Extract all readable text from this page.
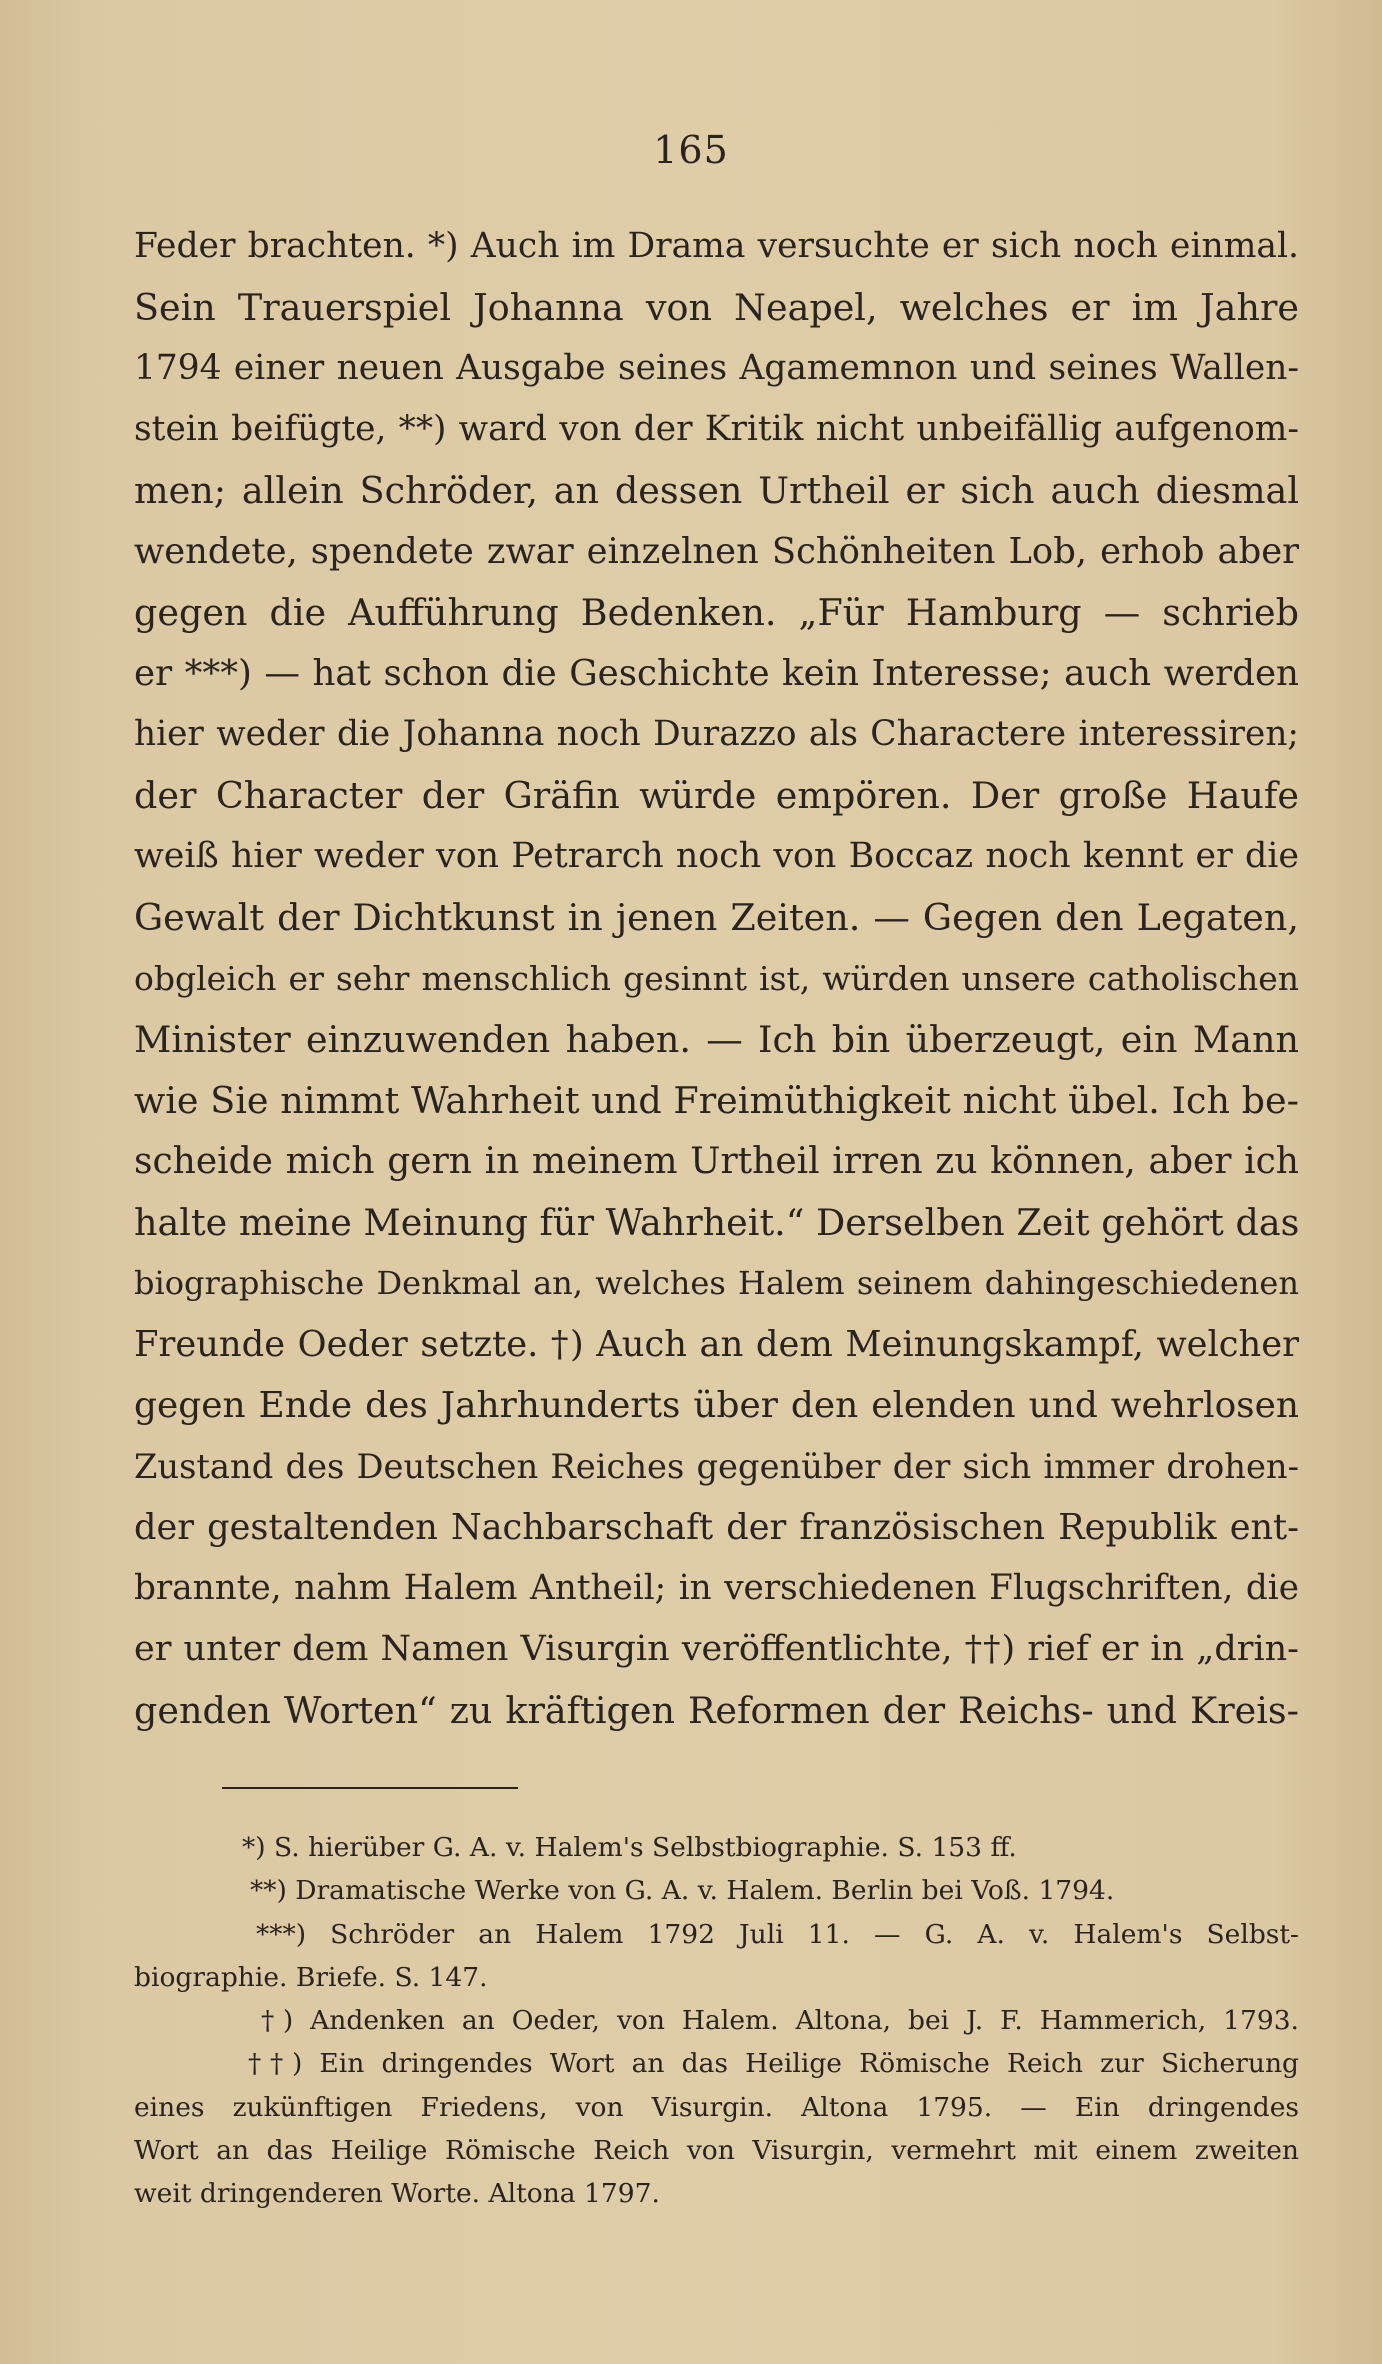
165
Feder brachten. *) Auch im Drama versuchte er sich noch einmal.
Sein Trauerspiel Johanna von Neapel, welches er im Jahre
1794 einer neuen Ausgabe seines Agamemnon und seines Wallen-
stein beifügte, **) ward von der Kritik nicht unbeifällig aufgenom-
men; allein Schröder, an dessen Urtheil er sich auch diesmal
wendete, spendete zwar einzelnen Schönheiten Lob, erhob aber
gegen die Aufführung Bedenken. „Für Hamburg — schrieb
er ***) — hat schon die Geschichte kein Interesse; auch werden
hier weder die Johanna noch Durazzo als Charactere interessiren;
der Character der Gräfin würde empören. Der große Haufe
weiß hier weder von Petrarch noch von Boccaz noch kennt er die
Gewalt der Dichtkunst in jenen Zeiten. — Gegen den Legaten,
obgleich er sehr menschlich gesinnt ist, würden unsere catholischen
Minister einzuwenden haben. — Ich bin überzeugt, ein Mann
wie Sie nimmt Wahrheit und Freimüthigkeit nicht übel. Ich be-
scheide mich gern in meinem Urtheil irren zu können, aber ich
halte meine Meinung für Wahrheit.“ Derselben Zeit gehört das
biographische Denkmal an, welches Halem seinem dahingeschiedenen
Freunde Oeder setzte. †) Auch an dem Meinungskampf, welcher
gegen Ende des Jahrhunderts über den elenden und wehrlosen
Zustand des Deutschen Reiches gegenüber der sich immer drohen-
der gestaltenden Nachbarschaft der französischen Republik ent-
brannte, nahm Halem Antheil; in verschiedenen Flugschriften, die
er unter dem Namen Visurgin veröffentlichte, ††) rief er in „drin-
genden Worten“ zu kräftigen Reformen der Reichs- und Kreis-
*) S. hierüber G. A. v. Halem's Selbstbiographie. S. 153 ff.
**) Dramatische Werke von G. A. v. Halem. Berlin bei Voß. 1794.
***) Schröder an Halem 1792 Juli 11. — G. A. v. Halem's Selbst-
biographie. Briefe. S. 147.
†) Andenken an Oeder, von Halem. Altona, bei J. F. Hammerich, 1793.
††) Ein dringendes Wort an das Heilige Römische Reich zur Sicherung
eines zukünftigen Friedens, von Visurgin. Altona 1795. — Ein dringendes
Wort an das Heilige Römische Reich von Visurgin, vermehrt mit einem zweiten
weit dringenderen Worte. Altona 1797.
